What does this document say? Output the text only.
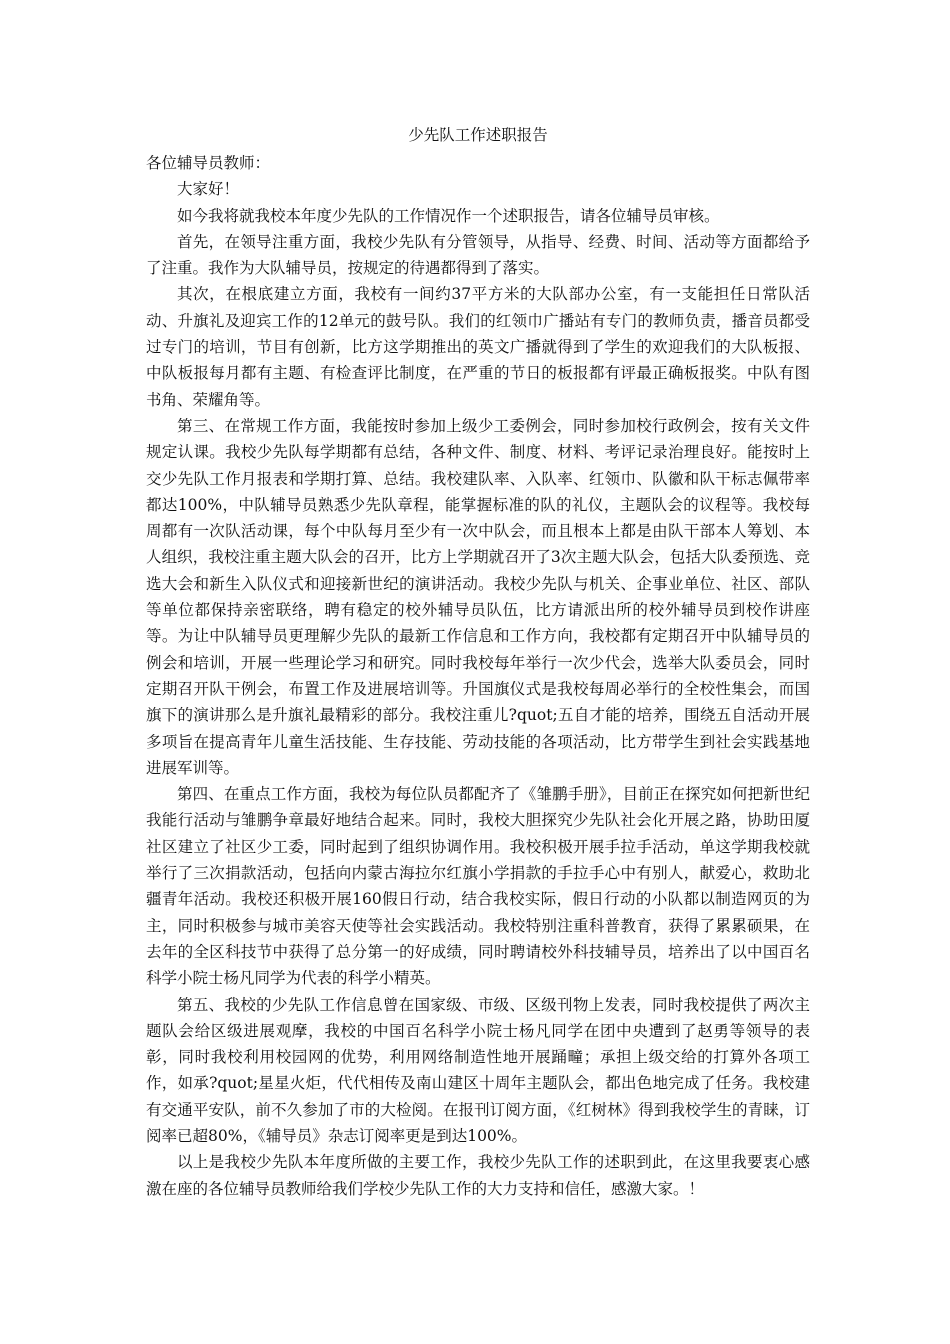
少先队工作述职报告

各位辅导员教师：

大家好！

如今我将就我校本年度少先队的工作情况作一个述职报告，请各位辅导员审核。

首先，在领导注重方面，我校少先队有分管领导，从指导、经费、时间、活动等方面都给予了注重。我作为大队辅导员，按规定的待遇都得到了落实。

其次，在根底建立方面，我校有一间约37平方米的大队部办公室，有一支能担任日常队活动、升旗礼及迎宾工作的12单元的鼓号队。我们的红领巾广播站有专门的教师负责，播音员都受过专门的培训，节目有创新，比方这学期推出的英文广播就得到了学生的欢迎我们的大队板报、中队板报每月都有主题、有检查评比制度，在严重的节日的板报都有评最正确板报奖。中队有图书角、荣耀角等。

第三、在常规工作方面，我能按时参加上级少工委例会，同时参加校行政例会，按有关文件规定认课。我校少先队每学期都有总结，各种文件、制度、材料、考评记录治理良好。能按时上交少先队工作月报表和学期打算、总结。我校建队率、入队率、红领巾、队徽和队干标志佩带率都达100%，中队辅导员熟悉少先队章程，能掌握标准的队的礼仪，主题队会的议程等。我校每周都有一次队活动课，每个中队每月至少有一次中队会，而且根本上都是由队干部本人筹划、本人组织，我校注重主题大队会的召开，比方上学期就召开了3次主题大队会，包括大队委预选、竞选大会和新生入队仪式和迎接新世纪的演讲活动。我校少先队与机关、企事业单位、社区、部队等单位都保持亲密联络，聘有稳定的校外辅导员队伍，比方请派出所的校外辅导员到校作讲座等。为让中队辅导员更理解少先队的最新工作信息和工作方向，我校都有定期召开中队辅导员的例会和培训，开展一些理论学习和研究。同时我校每年举行一次少代会，选举大队委员会，同时定期召开队干例会，布置工作及进展培训等。升国旗仪式是我校每周必举行的全校性集会，而国旗下的演讲那么是升旗礼最精彩的部分。我校注重儿?quot;五自才能的培养，围绕五自活动开展多项旨在提高青年儿童生活技能、生存技能、劳动技能的各项活动，比方带学生到社会实践基地进展军训等。

第四、在重点工作方面，我校为每位队员都配齐了《雏鹏手册》，目前正在探究如何把新世纪我能行活动与雏鹏争章最好地结合起来。同时，我校大胆探究少先队社会化开展之路，协助田厦社区建立了社区少工委，同时起到了组织协调作用。我校积极开展手拉手活动，单这学期我校就举行了三次捐款活动，包括向内蒙古海拉尔红旗小学捐款的手拉手心中有别人，献爱心，救助北疆青年活动。我校还积极开展160假日行动，结合我校实际，假日行动的小队都以制造网页的为主，同时积极参与城市美容天使等社会实践活动。我校特别注重科普教育，获得了累累硕果，在去年的全区科技节中获得了总分第一的好成绩，同时聘请校外科技辅导员，培养出了以中国百名科学小院士杨凡同学为代表的科学小精英。

第五、我校的少先队工作信息曾在国家级、市级、区级刊物上发表，同时我校提供了两次主题队会给区级进展观摩，我校的中国百名科学小院士杨凡同学在团中央遭到了赵勇等领导的表彰，同时我校利用校园网的优势，利用网络制造性地开展踊疃；承担上级交给的打算外各项工作，如承?quot;星星火炬，代代相传及南山建区十周年主题队会，都出色地完成了任务。我校建有交通平安队，前不久参加了市的大检阅。在报刊订阅方面，《红树林》得到我校学生的青睐，订阅率已超80%，《辅导员》杂志订阅率更是到达100%。

以上是我校少先队本年度所做的主要工作，我校少先队工作的述职到此，在这里我要衷心感激在座的各位辅导员教师给我们学校少先队工作的大力支持和信任，感激大家。！
